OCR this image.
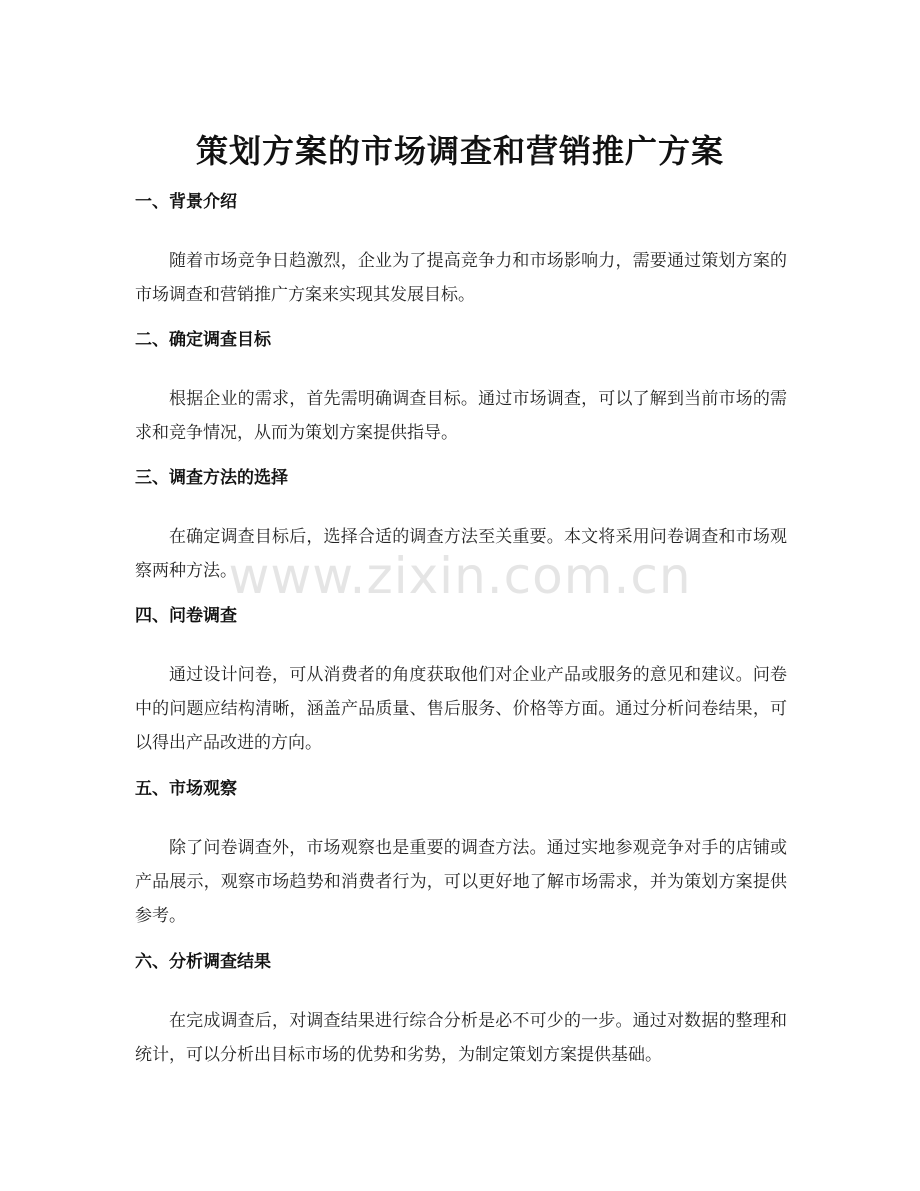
策划方案的市场调查和营销推广方案
一、背景介绍

随着市场竞争日趋激烈，企业为了提高竞争力和市场影响力，需要通过策划方案的市场调查和营销推广方案来实现其发展目标。

二、确定调查目标

根据企业的需求，首先需明确调查目标。通过市场调查，可以了解到当前市场的需求和竞争情况，从而为策划方案提供指导。

三、调查方法的选择

在确定调查目标后，选择合适的调查方法至关重要。本文将采用问卷调查和市场观察两种方法。

四、问卷调查

通过设计问卷，可从消费者的角度获取他们对企业产品或服务的意见和建议。问卷中的问题应结构清晰，涵盖产品质量、售后服务、价格等方面。通过分析问卷结果，可以得出产品改进的方向。

五、市场观察

除了问卷调查外，市场观察也是重要的调查方法。通过实地参观竞争对手的店铺或产品展示，观察市场趋势和消费者行为，可以更好地了解市场需求，并为策划方案提供参考。

六、分析调查结果

在完成调查后，对调查结果进行综合分析是必不可少的一步。通过对数据的整理和统计，可以分析出目标市场的优势和劣势，为制定策划方案提供基础。

www.zixin.com.cn
